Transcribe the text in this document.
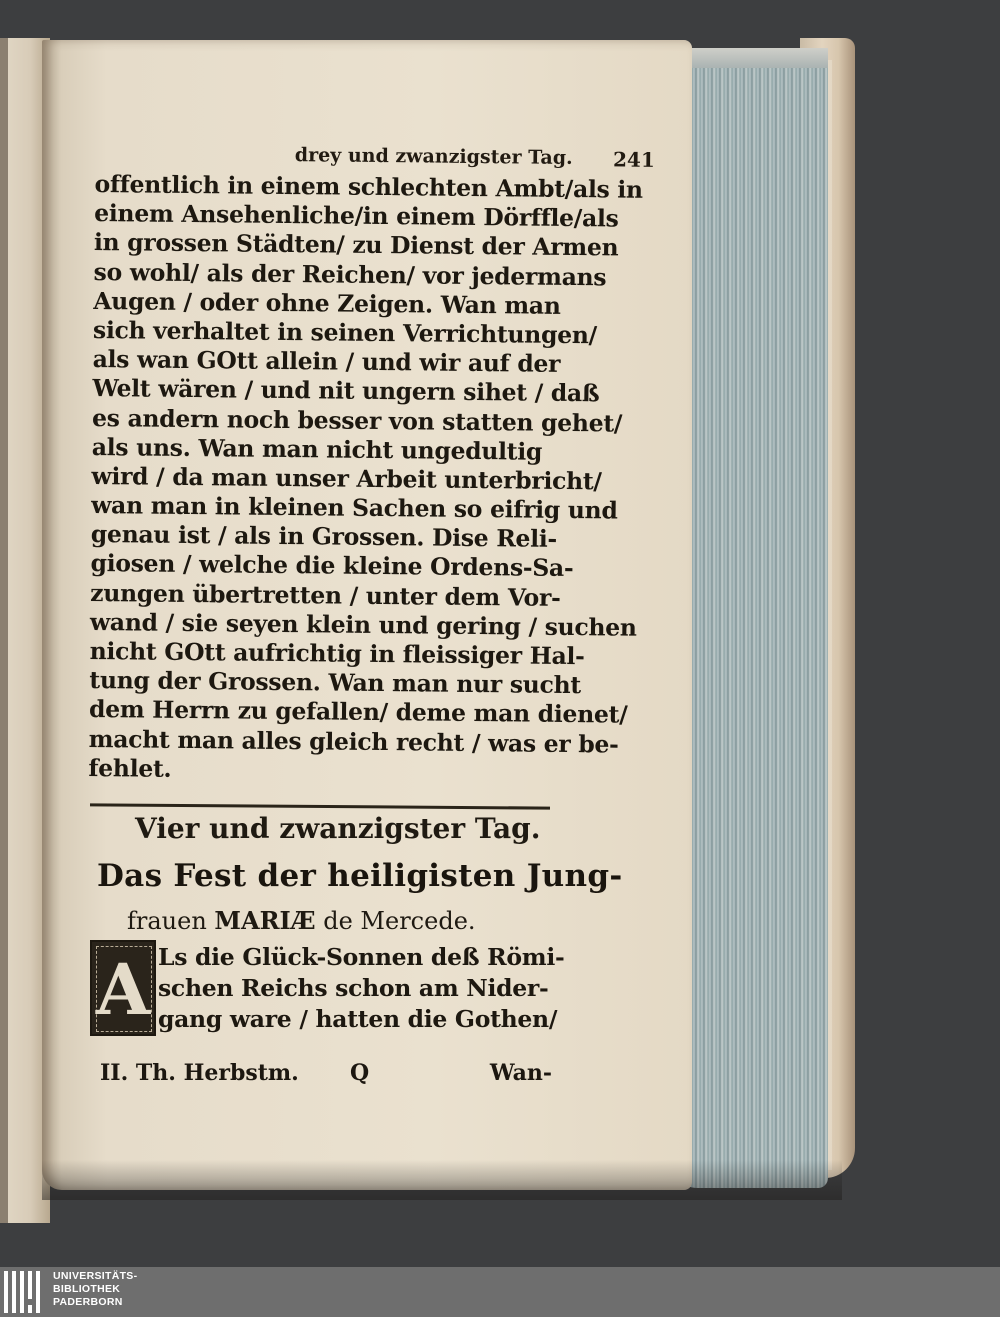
drey und zwanzigster Tag. 241
offentlich in einem schlechten Ambt/als in
einem Ansehenliche/in einem Dörffle/als
in grossen Städten/ zu Dienst der Armen
so wohl/ als der Reichen/ vor jedermans
Augen / oder ohne Zeigen. Wan man
sich verhaltet in seinen Verrichtungen/
als wan GOtt allein / und wir auf der
Welt wären / und nit ungern sihet / daß
es andern noch besser von statten gehet/
als uns. Wan man nicht ungedultig
wird / da man unser Arbeit unterbricht/
wan man in kleinen Sachen so eifrig und
genau ist / als in Grossen. Dise Reli-
giosen / welche die kleine Ordens-Sa-
zungen übertretten / unter dem Vor-
wand / sie seyen klein und gering / suchen
nicht GOtt aufrichtig in fleissiger Hal-
tung der Grossen. Wan man nur sucht
dem Herrn zu gefallen/ deme man dienet/
macht man alles gleich recht / was er be-
fehlet.
Vier und zwanzigster Tag.
Das Fest der heiligisten Jung-
frauen MARIÆ de Mercede.
A Ls die Glück-Sonnen deß Römi-
schen Reichs schon am Nider-
gang ware / hatten die Gothen/
II. Th. Herbstm. Q	Wan-
UNIVERSITÄTS-
BIBLIOTHEK
PADERBORN
